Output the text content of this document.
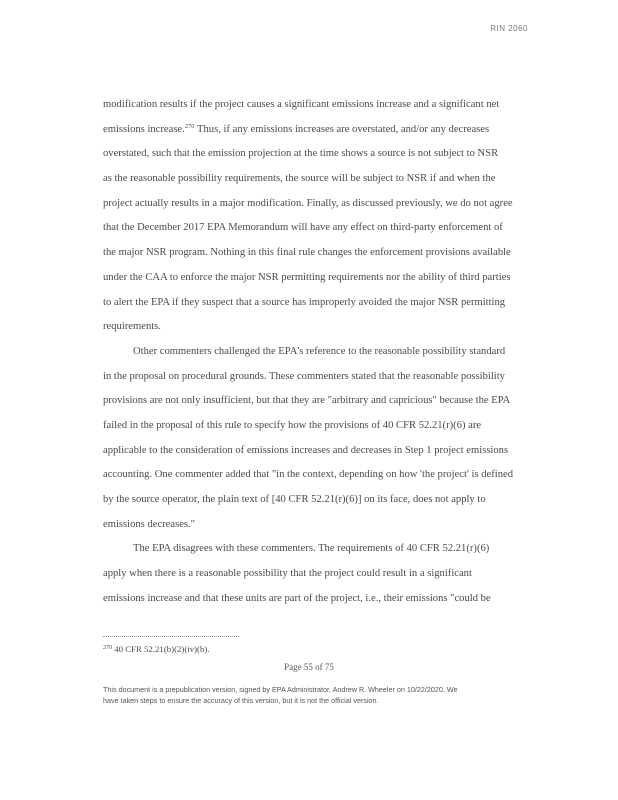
RIN 2060
modification results if the project causes a significant emissions increase and a significant net
emissions increase.$^{270}$ Thus, if any emissions increases are overstated, and/or any decreases
overstated, such that the emission projection at the time shows a source is not subject to NSR
as the reasonable possibility requirements, the source will be subject to NSR if and when the
project actually results in a major modification. Finally, as discussed previously, we do not agree
that the December 2017 EPA Memorandum will have any effect on third-party enforcement of
the major NSR program. Nothing in this final rule changes the enforcement provisions available
under the CAA to enforce the major NSR permitting requirements nor the ability of third parties
to alert the EPA if they suspect that a source has improperly avoided the major NSR permitting
requirements.
Other commenters challenged the EPA's reference to the reasonable possibility standard
in the proposal on procedural grounds. These commenters stated that the reasonable possibility
provisions are not only insufficient, but that they are "arbitrary and capricious" because the EPA
failed in the proposal of this rule to specify how the provisions of 40 CFR 52.21(r)(6) are
applicable to the consideration of emissions increases and decreases in Step 1 project emissions
accounting. One commenter added that "in the context, depending on how 'the project' is defined
by the source operator, the plain text of [40 CFR 52.21(r)(6)] on its face, does not apply to
emissions decreases."
The EPA disagrees with these commenters. The requirements of 40 CFR 52.21(r)(6)
apply when there is a reasonable possibility that the project could result in a significant
emissions increase and that these units are part of the project, i.e., their emissions "could be
$^{270}$ 40 CFR 52.21(b)(2)(iv)(b).
Page 55 of 75
This document is a prepublication version, signed by EPA Administrator, Andrew R. Wheeler on 10/22/2020. We
have taken steps to ensure the accuracy of this version, but it is not the official version.
